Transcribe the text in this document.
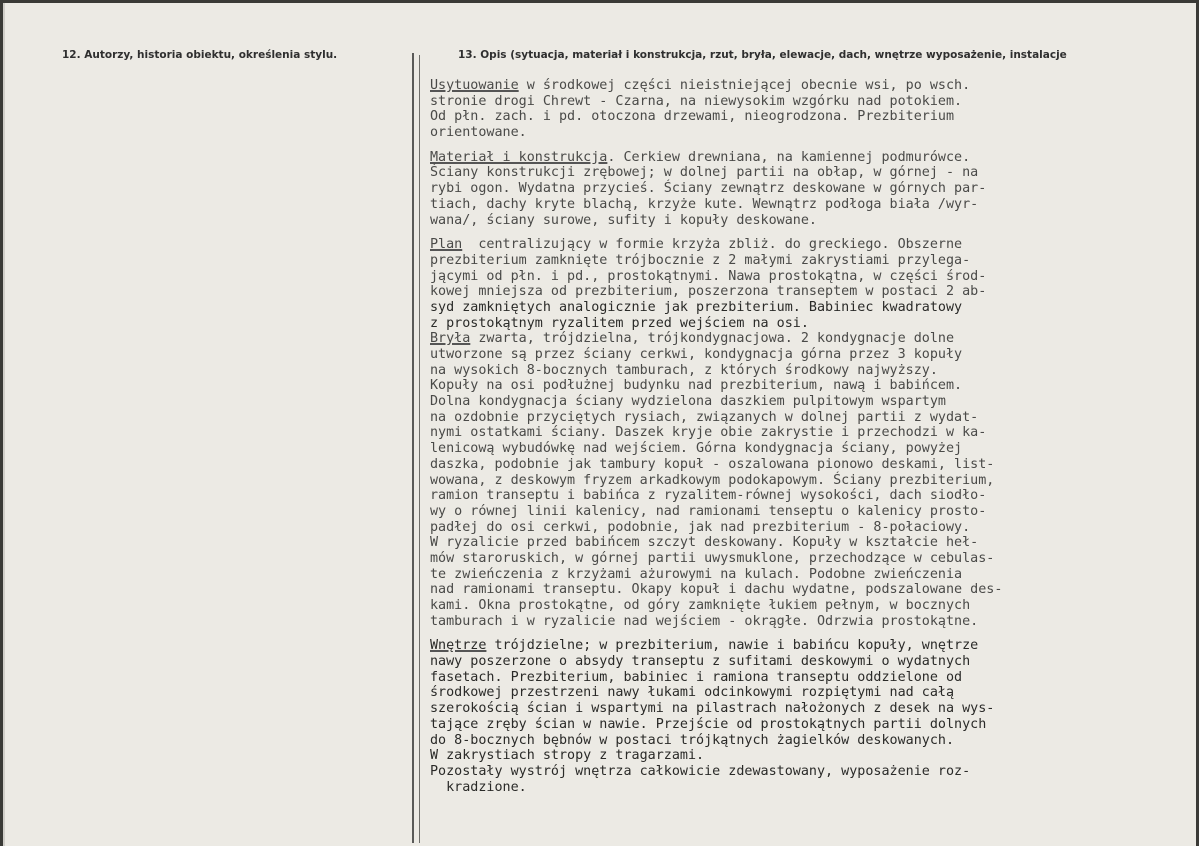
12. Autorzy, historia obiektu, określenia stylu.	13. Opis (sytuacja, materiał i konstrukcja, rzut, bryła, elewacje, dach, wnętrze wyposażenie, instalacje
Usytuowanie w środkowej części nieistniejącej obecnie wsi, po wsch.
stronie drogi Chrewt - Czarna, na niewysokim wzgórku nad potokiem.
Od płn. zach. i pd. otoczona drzewami, nieogrodzona. Prezbiterium
orientowane.
Materiał i konstrukcja. Cerkiew drewniana, na kamiennej podmurówce.
Ściany konstrukcji zrębowej; w dolnej partii na obłap, w górnej - na
rybi ogon. Wydatna przycieś. Ściany zewnątrz deskowane w górnych par-
tiach, dachy kryte blachą, krzyże kute. Wewnątrz podłoga biała /wyr-
wana/, ściany surowe, sufity i kopuły deskowane.
Plan  centralizujący w formie krzyża zbliż. do greckiego. Obszerne
prezbiterium zamknięte trójbocznie z 2 małymi zakrystiami przylega-
jącymi od płn. i pd., prostokątnymi. Nawa prostokątna, w części środ-
kowej mniejsza od prezbiterium, poszerzona transeptem w postaci 2 ab-
syd zamkniętych analogicznie jak prezbiterium. Babiniec kwadratowy
z prostokątnym ryzalitem przed wejściem na osi.
Bryła zwarta, trójdzielna, trójkondygnacjowa. 2 kondygnacje dolne
utworzone są przez ściany cerkwi, kondygnacja górna przez 3 kopuły
na wysokich 8-bocznych tamburach, z których środkowy najwyższy.
Kopuły na osi podłużnej budynku nad prezbiterium, nawą i babińcem.
Dolna kondygnacja ściany wydzielona daszkiem pulpitowym wspartym
na ozdobnie przyciętych rysiach, związanych w dolnej partii z wydat-
nymi ostatkami ściany. Daszek kryje obie zakrystie i przechodzi w ka-
lenicową wybudówkę nad wejściem. Górna kondygnacja ściany, powyżej
daszka, podobnie jak tambury kopuł - oszalowana pionowo deskami, list-
wowana, z deskowym fryzem arkadkowym podokapowym. Ściany prezbiterium,
ramion transeptu i babińca z ryzalitem-równej wysokości, dach siodło-
wy o równej linii kalenicy, nad ramionami tenseptu o kalenicy prosto-
padłej do osi cerkwi, podobnie, jak nad prezbiterium - 8-połaciowy.
W ryzalicie przed babińcem szczyt deskowany. Kopuły w kształcie heł-
mów staroruskich, w górnej partii uwysmuklone, przechodzące w cebulas-
te zwieńczenia z krzyżami ażurowymi na kulach. Podobne zwieńczenia
nad ramionami transeptu. Okapy kopuł i dachu wydatne, podszalowane des-
kami. Okna prostokątne, od góry zamknięte łukiem pełnym, w bocznych
tamburach i w ryzalicie nad wejściem - okrągłe. Odrzwia prostokątne.
Wnętrze trójdzielne; w prezbiterium, nawie i babińcu kopuły, wnętrze
nawy poszerzone o absydy transeptu z sufitami deskowymi o wydatnych
fasetach. Prezbiterium, babiniec i ramiona transeptu oddzielone od
środkowej przestrzeni nawy łukami odcinkowymi rozpiętymi nad całą
szerokością ścian i wspartymi na pilastrach nałożonych z desek na wys-
tające zręby ścian w nawie. Przejście od prostokątnych partii dolnych
do 8-bocznych bębnów w postaci trójkątnych żagielków deskowanych.
W zakrystiach stropy z tragarzami.
Pozostały wystrój wnętrza całkowicie zdewastowany, wyposażenie roz-
kradzione.
